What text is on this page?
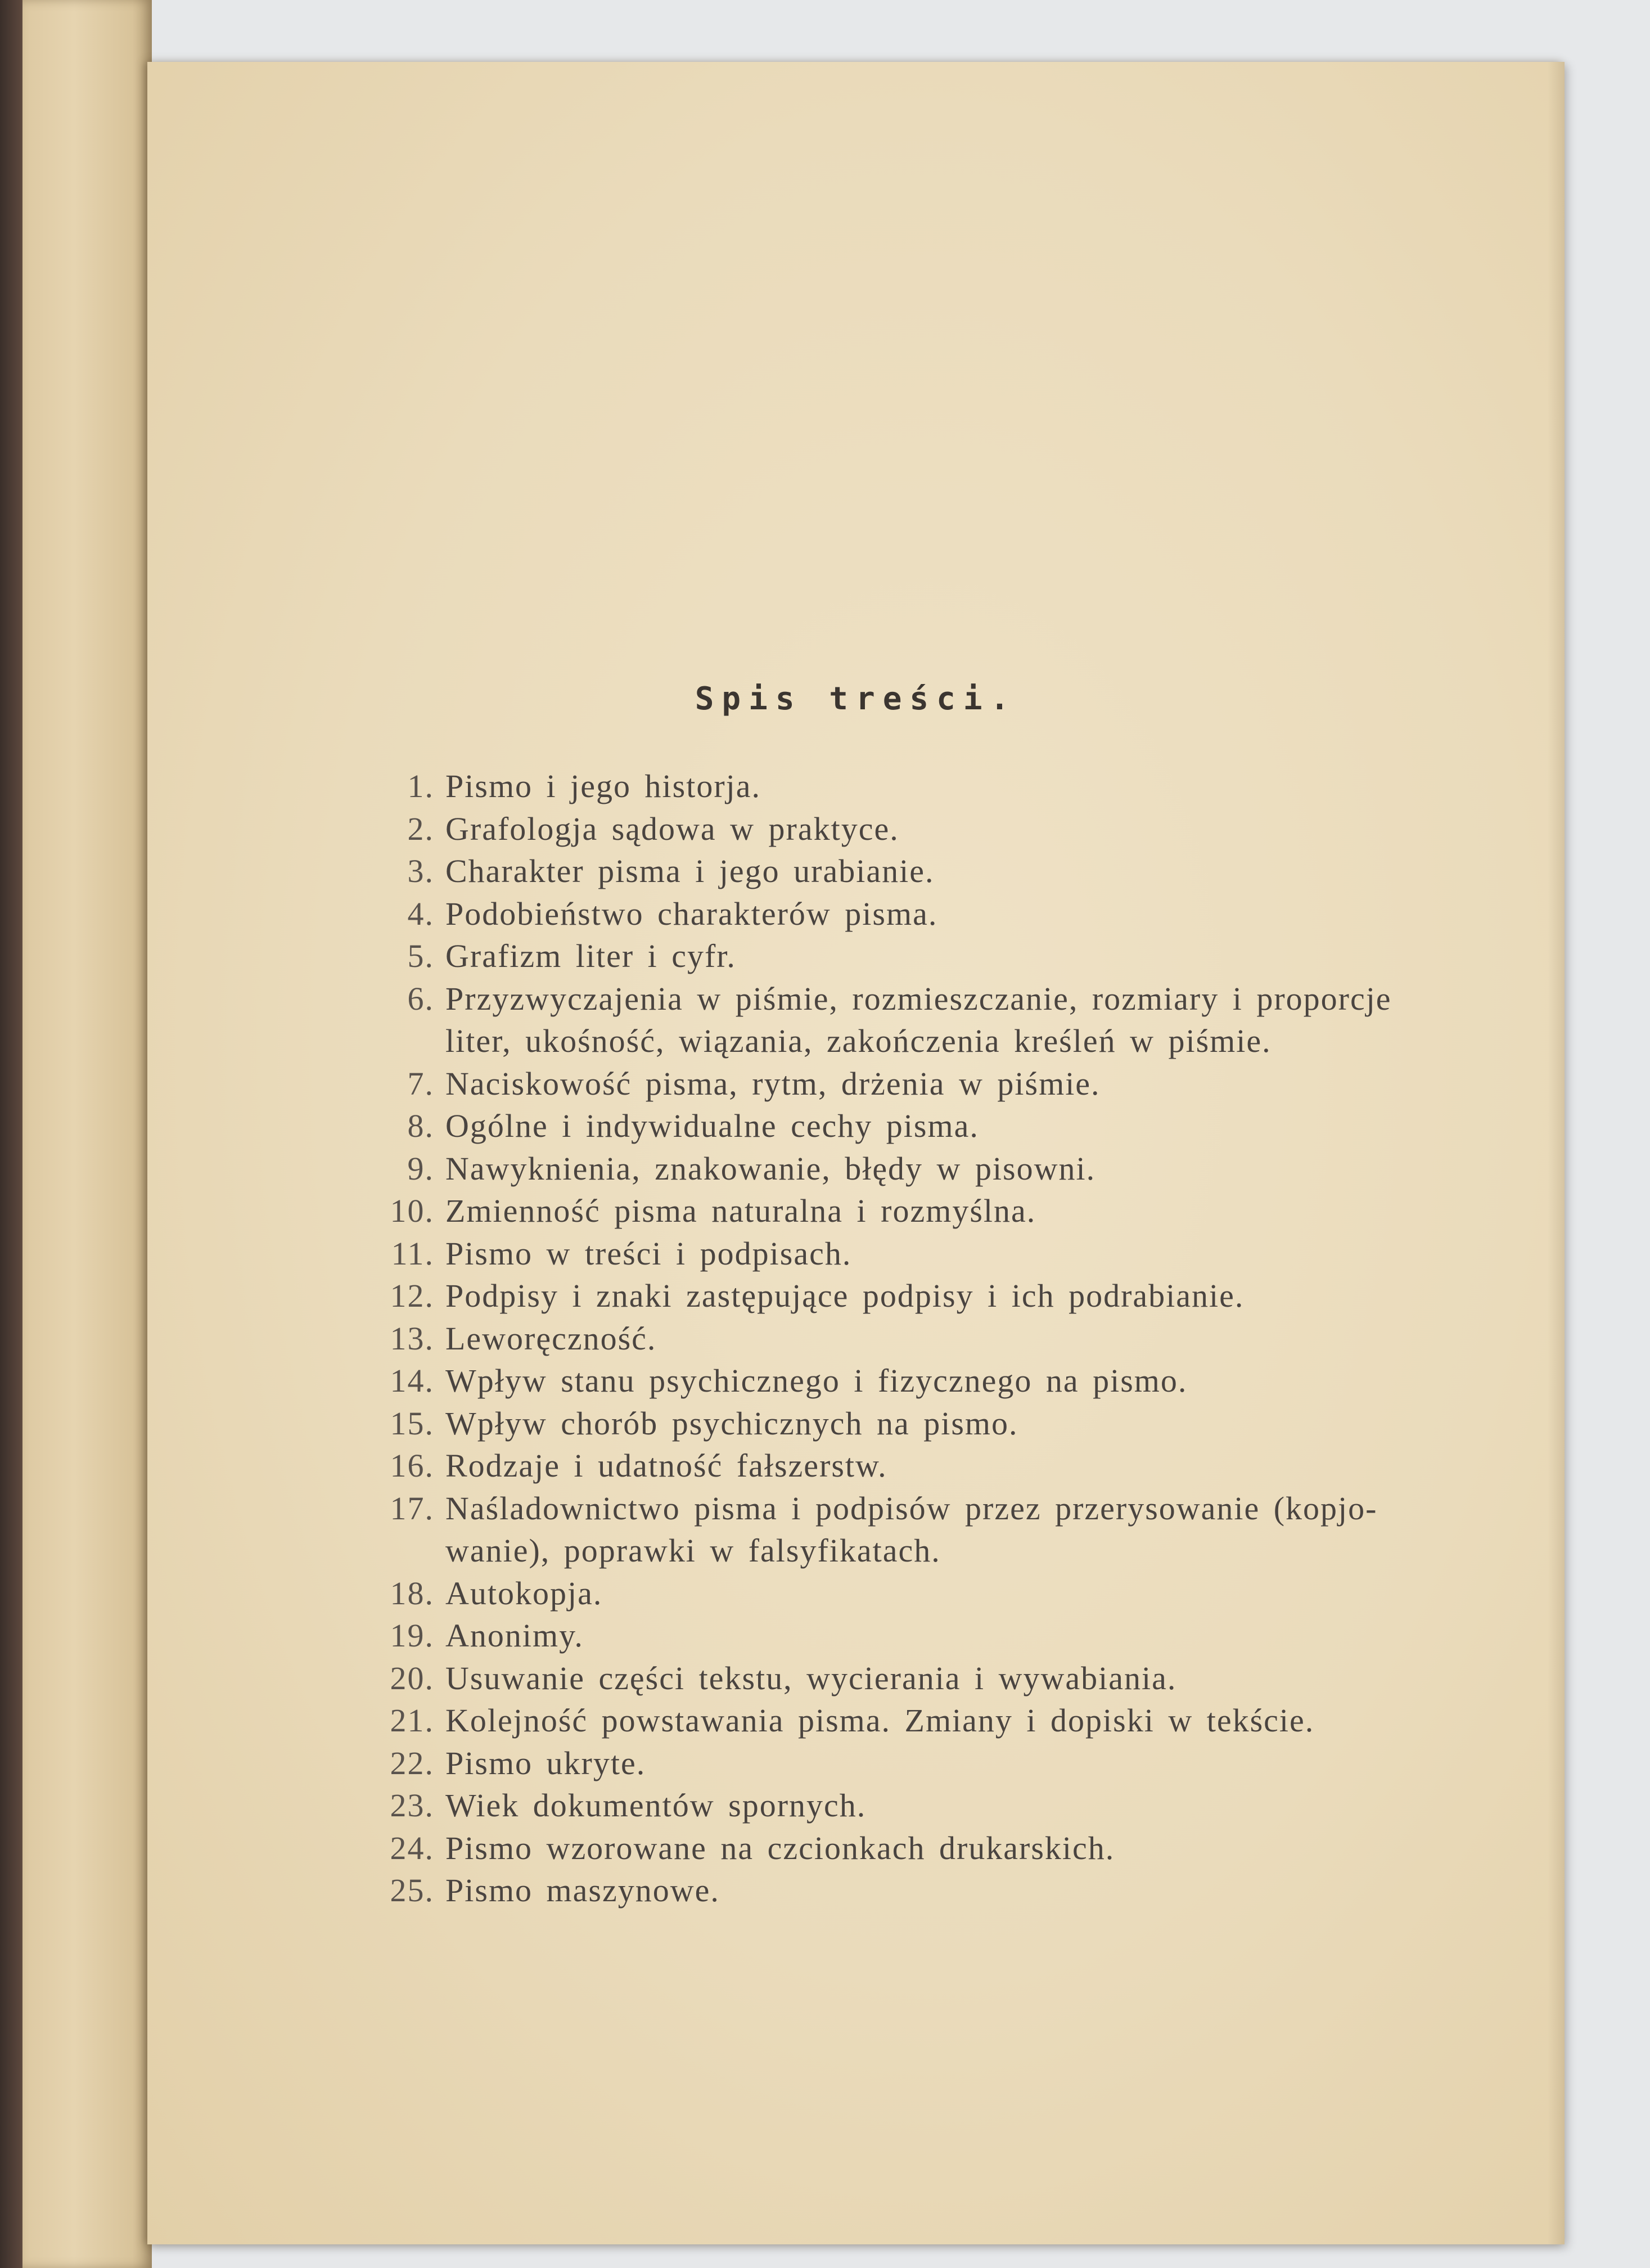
Spis treści.
1. Pismo i jego historja.
2. Grafologja sądowa w praktyce.
3. Charakter pisma i jego urabianie.
4. Podobieństwo charakterów pisma.
5. Grafizm liter i cyfr.
6. Przyzwyczajenia w piśmie, rozmieszczanie, rozmiary i proporcje
liter, ukośność, wiązania, zakończenia kreśleń w piśmie.
7. Naciskowość pisma, rytm, drżenia w piśmie.
8. Ogólne i indywidualne cechy pisma.
9. Nawyknienia, znakowanie, błędy w pisowni.
10. Zmienność pisma naturalna i rozmyślna.
11. Pismo w treści i podpisach.
12. Podpisy i znaki zastępujące podpisy i ich podrabianie.
13. Leworęczność.
14. Wpływ stanu psychicznego i fizycznego na pismo.
15. Wpływ chorób psychicznych na pismo.
16. Rodzaje i udatność fałszerstw.
17. Naśladownictwo pisma i podpisów przez przerysowanie (kopjo-
wanie), poprawki w falsyfikatach.
18. Autokopja.
19. Anonimy.
20. Usuwanie części tekstu, wycierania i wywabiania.
21. Kolejność powstawania pisma. Zmiany i dopiski w tekście.
22. Pismo ukryte.
23. Wiek dokumentów spornych.
24. Pismo wzorowane na czcionkach drukarskich.
25. Pismo maszynowe.
